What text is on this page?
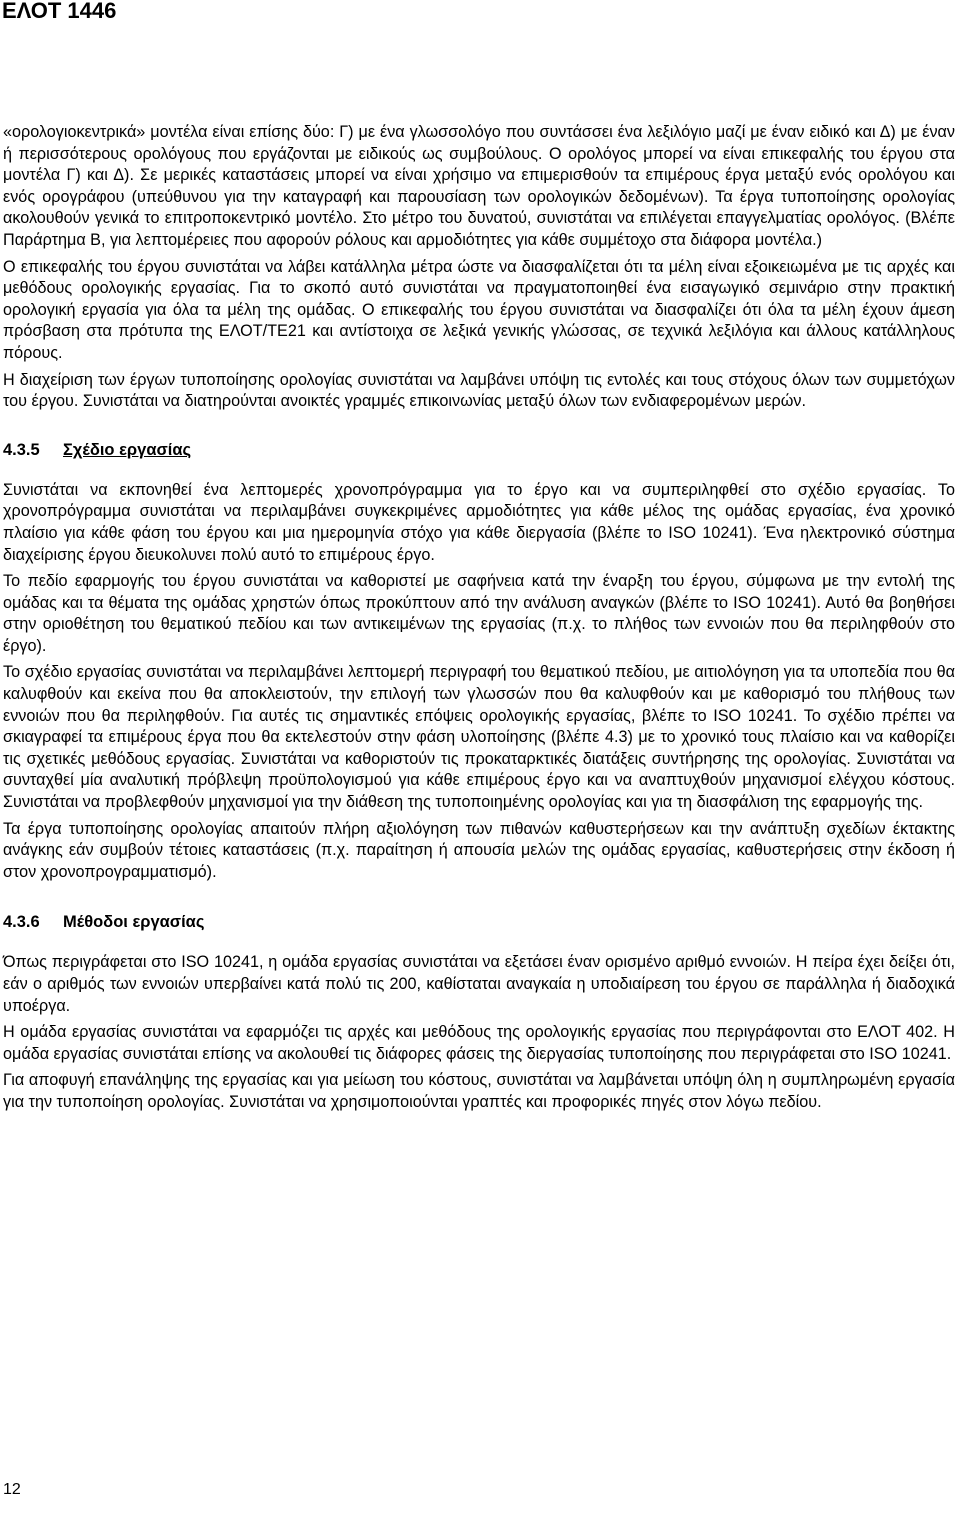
ΕΛΟΤ 1446

«ορολογιοκεντρικά» μοντέλα είναι επίσης δύο: Γ) με ένα γλωσσολόγο που συντάσσει ένα λεξιλόγιο μαζί με έναν ειδικό και Δ) με έναν ή περισσότερους ορολόγους που εργάζονται με ειδικούς ως συμβούλους. Ο ορολόγος μπορεί να είναι επικεφαλής του έργου στα μοντέλα Γ) και Δ). Σε μερικές καταστάσεις μπορεί να είναι χρήσιμο να επιμερισθούν τα επιμέρους έργα μεταξύ ενός ορολόγου και ενός ορογράφου (υπεύθυνου για την καταγραφή και παρουσίαση των ορολογικών δεδομένων). Τα έργα τυποποίησης ορολογίας ακολουθούν γενικά το επιτροποκεντρικό μοντέλο. Στο μέτρο του δυνατού, συνιστάται να επιλέγεται επαγγελματίας ορολόγος. (Βλέπε Παράρτημα Β, για λεπτομέρειες που αφορούν ρόλους και αρμοδιότητες για κάθε συμμέτοχο στα διάφορα μοντέλα.)

Ο επικεφαλής του έργου συνιστάται να λάβει κατάλληλα μέτρα ώστε να διασφαλίζεται ότι τα μέλη είναι εξοικειωμένα με τις αρχές και μεθόδους ορολογικής εργασίας. Για το σκοπό αυτό συνιστάται να πραγματοποιηθεί ένα εισαγωγικό σεμινάριο στην πρακτική ορολογική εργασία για όλα τα μέλη της ομάδας. Ο επικεφαλής του έργου συνιστάται να διασφαλίζει ότι όλα τα μέλη έχουν άμεση πρόσβαση στα πρότυπα της ΕΛΟΤ/ΤΕ21 και αντίστοιχα σε λεξικά γενικής γλώσσας, σε τεχνικά λεξιλόγια και άλλους κατάλληλους πόρους.

Η διαχείριση των έργων τυποποίησης ορολογίας συνιστάται να λαμβάνει υπόψη τις εντολές και τους στόχους όλων των συμμετόχων του έργου. Συνιστάται να διατηρούνται ανοικτές γραμμές επικοινωνίας μεταξύ όλων των ενδιαφερομένων μερών.

4.3.5 Σχέδιο εργασίας

Συνιστάται να εκπονηθεί ένα λεπτομερές χρονοπρόγραμμα για το έργο και να συμπεριληφθεί στο σχέδιο εργασίας. Το χρονοπρόγραμμα συνιστάται να περιλαμβάνει συγκεκριμένες αρμοδιότητες για κάθε μέλος της ομάδας εργασίας, ένα χρονικό πλαίσιο για κάθε φάση του έργου και μια ημερομηνία στόχο για κάθε διεργασία (βλέπε το ISO 10241). Ένα ηλεκτρονικό σύστημα διαχείρισης έργου διευκολυνει πολύ αυτό το επιμέρους έργο.

Το πεδίο εφαρμογής του έργου συνιστάται να καθοριστεί με σαφήνεια κατά την έναρξη του έργου, σύμφωνα με την εντολή της ομάδας και τα θέματα της ομάδας χρηστών όπως προκύπτουν από την ανάλυση αναγκών (βλέπε το ISO 10241). Αυτό θα βοηθήσει στην οριοθέτηση του θεματικού πεδίου και των αντικειμένων της εργασίας (π.χ. το πλήθος των εννοιών που θα περιληφθούν στο έργο).

Το σχέδιο εργασίας συνιστάται να περιλαμβάνει λεπτομερή περιγραφή του θεματικού πεδίου, με αιτιολόγηση για τα υποπεδία που θα καλυφθούν και εκείνα που θα αποκλειστούν, την επιλογή των γλωσσών που θα καλυφθούν και με καθορισμό του πλήθους των εννοιών που θα περιληφθούν. Για αυτές τις σημαντικές επόψεις ορολογικής εργασίας, βλέπε το ISO 10241. Το σχέδιο πρέπει να σκιαγραφεί τα επιμέρους έργα που θα εκτελεστούν στην φάση υλοποίησης (βλέπε 4.3) με το χρονικό τους πλαίσιο και να καθορίζει τις σχετικές μεθόδους εργασίας. Συνιστάται να καθοριστούν τις προκαταρκτικές διατάξεις συντήρησης της ορολογίας. Συνιστάται να συνταχθεί μία αναλυτική πρόβλεψη προϋπολογισμού για κάθε επιμέρους έργο και να αναπτυχθούν μηχανισμοί ελέγχου κόστους. Συνιστάται να προβλεφθούν μηχανισμοί για την διάθεση της τυποποιημένης ορολογίας και για τη διασφάλιση της εφαρμογής της.

Τα έργα τυποποίησης ορολογίας απαιτούν πλήρη αξιολόγηση των πιθανών καθυστερήσεων και την ανάπτυξη σχεδίων έκτακτης ανάγκης εάν συμβούν τέτοιες καταστάσεις (π.χ. παραίτηση ή απουσία μελών της ομάδας εργασίας, καθυστερήσεις στην έκδοση ή στον χρονοπρογραμματισμό).

4.3.6 Μέθοδοι εργασίας

Όπως περιγράφεται στο ISO 10241, η ομάδα εργασίας συνιστάται να εξετάσει έναν ορισμένο αριθμό εννοιών. Η πείρα έχει δείξει ότι, εάν ο αριθμός των εννοιών υπερβαίνει κατά πολύ τις 200, καθίσταται αναγκαία η υποδιαίρεση του έργου σε παράλληλα ή διαδοχικά υποέργα.

Η ομάδα εργασίας συνιστάται να εφαρμόζει τις αρχές και μεθόδους της ορολογικής εργασίας που περιγράφονται στο ΕΛΟΤ 402. Η ομάδα εργασίας συνιστάται επίσης να ακολουθεί τις διάφορες φάσεις της διεργασίας τυποποίησης που περιγράφεται στο ISO 10241.

Για αποφυγή επανάληψης της εργασίας και για μείωση του κόστους, συνιστάται να λαμβάνεται υπόψη όλη η συμπληρωμένη εργασία για την τυποποίηση ορολογίας. Συνιστάται να χρησιμοποιούνται γραπτές και προφορικές πηγές στον λόγω πεδίου.

12
